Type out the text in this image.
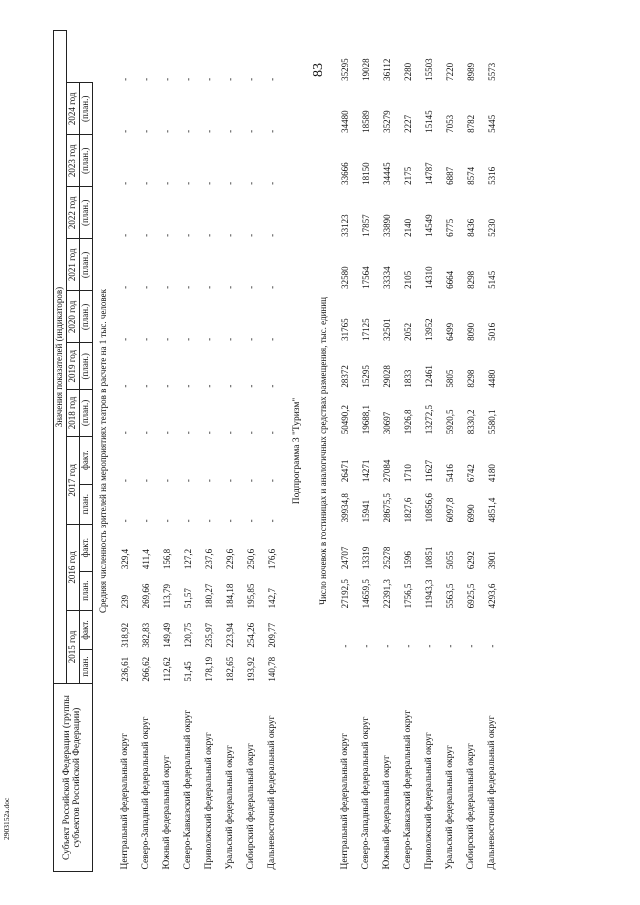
83
2903152а.doc	Субъект Российской Федерации (группы субъектов Российской Федерации)	Значения показателей (индикаторов)													
	2015 год		2016 год		2017 год		2018 год	2019 год	2020 год	2021 год	2022 год	2023 год	2024 год	
	план.	факт.	план.	факт.	план.	факт.	(план.)	(план.)	(план.)	(план.)	(план.)	(план.)	(план.)	
Средняя численность зрителей на мероприятиях театров в расчете на 1 тыс. человек														
Центральный федеральный округ	236,61	318,92	239	329,4	-	-	-	-	-	-	-	-	-	-
Северо-Западный федеральный округ	266,62	382,83	269,66	411,4	-	-	-	-	-	-	-	-	-	-
Южный федеральный округ	112,62	149,49	113,79	156,8	-	-	-	-	-	-	-	-	-	-
Северо-Кавказский федеральный округ	51,45	120,75	51,57	127,2	-	-	-	-	-	-	-	-	-	-
Приволжский федеральный округ	178,19	235,97	180,27	237,6	-	-	-	-	-	-	-	-	-	-
Уральский федеральный округ	182,65	223,94	184,18	229,6	-	-	-	-	-	-	-	-	-	-
Сибирский федеральный округ	193,92	254,26	195,85	250,6	-	-	-	-	-	-	-	-	-	-
Дальневосточный федеральный округ	140,78	209,77	142,7	176,6	-	-	-	-	-	-	-	-	-	-
Подпрограмма 3 "Туризм"														
Число ночевок в гостиницах и аналогичных средствах размещения, тыс. единиц														
Центральный федеральный округ		-	27192,5	24707	39934,8	26471	50490,2	28372	31765	32580	33123	33666	34480	35295
Северо-Западный федеральный округ		-	14659,5	13319	15941	14271	19688,1	15295	17125	17564	17857	18150	18589	19028
Южный федеральный округ		-	22391,3	25278	28675,5	27084	30697	29028	32501	33334	33890	34445	35279	36112
Северо-Кавказский федеральный округ		-	1756,5	1596	1827,6	1710	1926,8	1833	2052	2105	2140	2175	2227	2280
Приволжский федеральный округ		-	11943,3	10851	10856,6	11627	13272,5	12461	13952	14310	14549	14787	15145	15503
Уральский федеральный округ		-	5563,5	5055	6097,8	5416	5920,5	5805	6499	6664	6775	6887	7053	7220
Сибирский федеральный округ		-	6925,5	6292	6990	6742	8330,2	8298	8090	8298	8436	8574	8782	8989
Дальневосточный федеральный округ		-	4293,6	3901	4851,4	4180	5580,1	4480	5016	5145	5230	5316	5445	5573
